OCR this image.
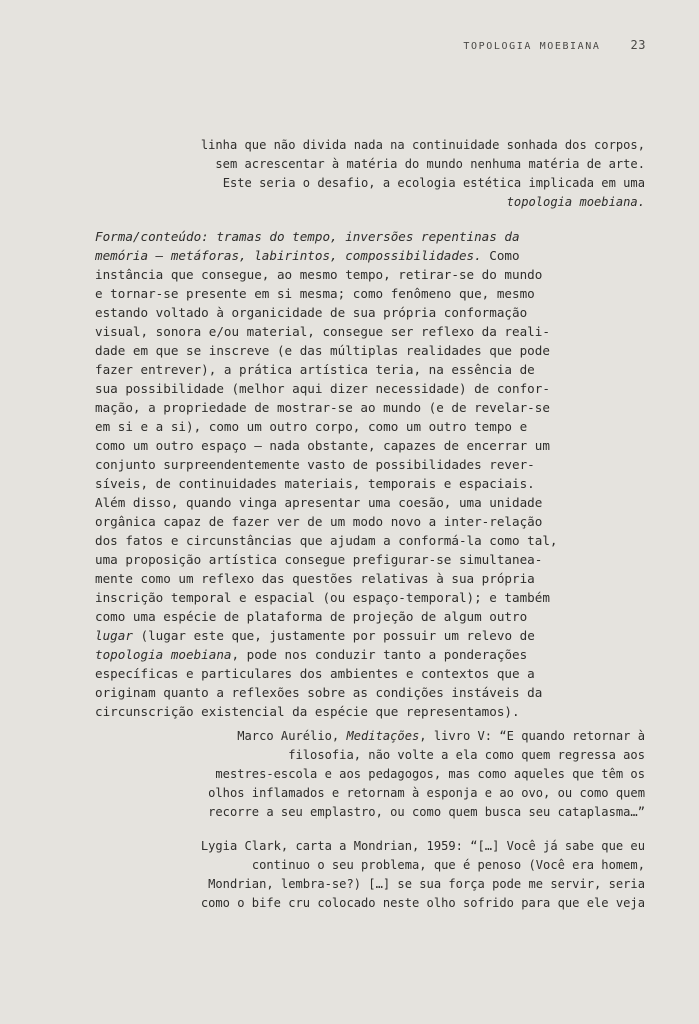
TOPOLOGIA MOEBIANA	23
linha que não divida nada na continuidade sonhada dos corpos,
sem acrescentar à matéria do mundo nenhuma matéria de arte.
Este seria o desafio, a ecologia estética implicada em uma
topologia moebiana.
Forma/conteúdo: tramas do tempo, inversões repentinas da
memória – metáforas, labirintos, compossibilidades. Como
instância que consegue, ao mesmo tempo, retirar-se do mundo
e tornar-se presente em si mesma; como fenômeno que, mesmo
estando voltado à organicidade de sua própria conformação
visual, sonora e/ou material, consegue ser reflexo da reali-
dade em que se inscreve (e das múltiplas realidades que pode
fazer entrever), a prática artística teria, na essência de
sua possibilidade (melhor aqui dizer necessidade) de confor-
mação, a propriedade de mostrar-se ao mundo (e de revelar-se
em si e a si), como um outro corpo, como um outro tempo e
como um outro espaço – nada obstante, capazes de encerrar um
conjunto surpreendentemente vasto de possibilidades rever-
síveis, de continuidades materiais, temporais e espaciais.
Além disso, quando vinga apresentar uma coesão, uma unidade
orgânica capaz de fazer ver de um modo novo a inter-relação
dos fatos e circunstâncias que ajudam a conformá-la como tal,
uma proposição artística consegue prefigurar-se simultanea-
mente como um reflexo das questões relativas à sua própria
inscrição temporal e espacial (ou espaço-temporal); e também
como uma espécie de plataforma de projeção de algum outro
lugar (lugar este que, justamente por possuir um relevo de
topologia moebiana, pode nos conduzir tanto a ponderações
específicas e particulares dos ambientes e contextos que a
originam quanto a reflexões sobre as condições instáveis da
circunscrição existencial da espécie que representamos).
Marco Aurélio, Meditações, livro V: “E quando retornar à
filosofia, não volte a ela como quem regressa aos
mestres-escola e aos pedagogos, mas como aqueles que têm os
olhos inflamados e retornam à esponja e ao ovo, ou como quem
recorre a seu emplastro, ou como quem busca seu cataplasma…”
Lygia Clark, carta a Mondrian, 1959: “[…] Você já sabe que eu
continuo o seu problema, que é penoso (Você era homem,
Mondrian, lembra-se?) […] se sua força pode me servir, seria
como o bife cru colocado neste olho sofrido para que ele veja
